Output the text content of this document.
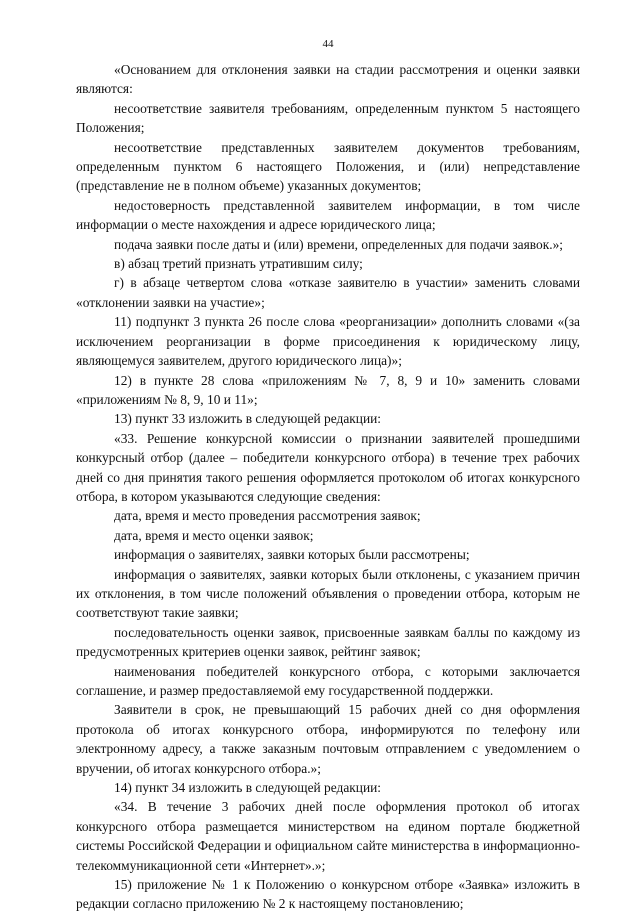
44

«Основанием для отклонения заявки на стадии рассмотрения и оценки заявки являются:

несоответствие заявителя требованиям, определенным пунктом 5 настоящего Положения;

несоответствие представленных заявителем документов требованиям, определенным пунктом 6 настоящего Положения, и (или) непредставление (представление не в полном объеме) указанных документов;

недостоверность представленной заявителем информации, в том числе информации о месте нахождения и адресе юридического лица;

подача заявки после даты и (или) времени, определенных для подачи заявок.»;

в) абзац третий признать утратившим силу;

г) в абзаце четвертом слова «отказе заявителю в участии» заменить словами «отклонении заявки на участие»;

11) подпункт 3 пункта 26 после слова «реорганизации» дополнить словами «(за исключением реорганизации в форме присоединения к юридическому лицу, являющемуся заявителем, другого юридического лица)»;

12) в пункте 28 слова «приложениям № 7, 8, 9 и 10» заменить словами «приложениям № 8, 9, 10 и 11»;

13) пункт 33 изложить в следующей редакции:

«33. Решение конкурсной комиссии о признании заявителей прошедшими конкурсный отбор (далее – победители конкурсного отбора) в течение трех рабочих дней со дня принятия такого решения оформляется протоколом об итогах конкурсного отбора, в котором указываются следующие сведения:

дата, время и место проведения рассмотрения заявок;

дата, время и место оценки заявок;

информация о заявителях, заявки которых были рассмотрены;

информация о заявителях, заявки которых были отклонены, с указанием причин их отклонения, в том числе положений объявления о проведении отбора, которым не соответствуют такие заявки;

последовательность оценки заявок, присвоенные заявкам баллы по каждому из предусмотренных критериев оценки заявок, рейтинг заявок;

наименования победителей конкурсного отбора, с которыми заключается соглашение, и размер предоставляемой ему государственной поддержки.

Заявители в срок, не превышающий 15 рабочих дней со дня оформления протокола об итогах конкурсного отбора, информируются по телефону или электронному адресу, а также заказным почтовым отправлением с уведомлением о вручении, об итогах конкурсного отбора.»;

14) пункт 34 изложить в следующей редакции:

«34. В течение 3 рабочих дней после оформления протокол об итогах конкурсного отбора размещается министерством на едином портале бюджетной системы Российской Федерации и официальном сайте министерства в информационно-телекоммуникационной сети «Интернет».»;

15) приложение № 1 к Положению о конкурсном отборе «Заявка» изложить в редакции согласно приложению № 2 к настоящему постановлению;
